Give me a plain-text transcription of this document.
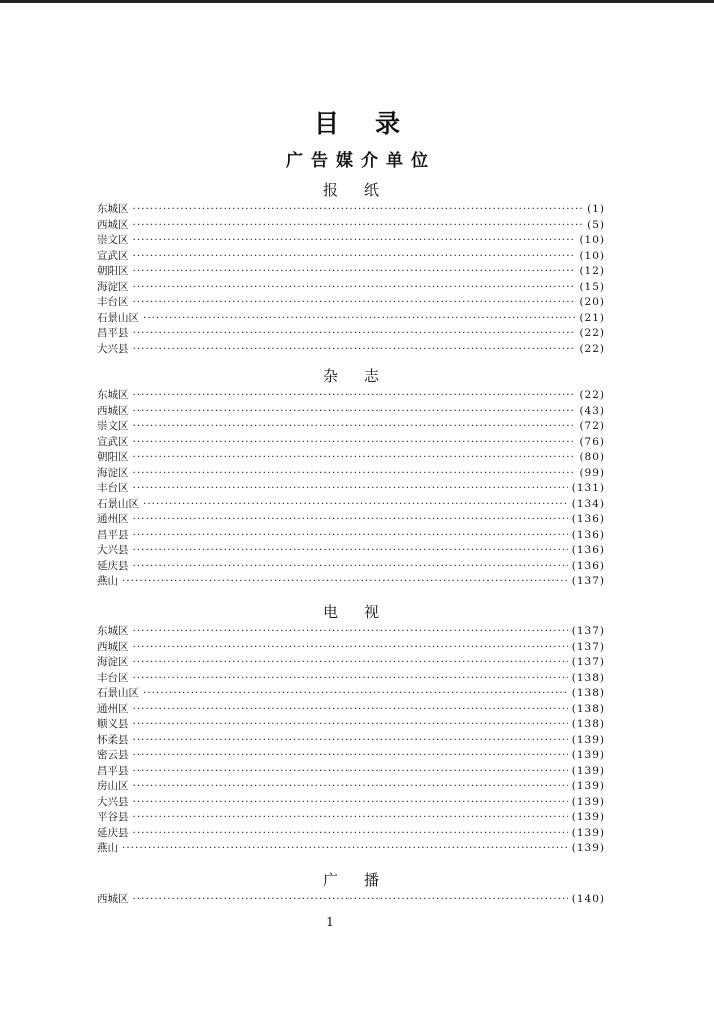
目录
广告媒介单位
报纸
东城区 ·····	(1)
西城区 ·····	(5)
崇文区 ·····	(10)
宣武区 ·····	(10)
朝阳区 ·····	(12)
海淀区 ·····	(15)
丰台区 ·····	(20)
石景山区 ·····	(21)
昌平县 ·····	(22)
大兴县 ·····	(22)
杂志
东城区 ·····	(22)
西城区 ·····	(43)
崇文区 ·····	(72)
宣武区 ·····	(76)
朝阳区 ·····	(80)
海淀区 ·····	(99)
丰台区 ·····	(131)
石景山区 ·····	(134)
通州区 ·····	(136)
昌平县 ·····	(136)
大兴县 ·····	(136)
延庆县 ·····	(136)
燕山 ·····	(137)
电视
东城区 ·····	(137)
西城区 ·····	(137)
海淀区 ·····	(137)
丰台区 ·····	(138)
石景山区 ·····	(138)
通州区 ·····	(138)
顺义县 ·····	(138)
怀柔县 ·····	(139)
密云县 ·····	(139)
昌平县 ·····	(139)
房山区 ·····	(139)
大兴县 ·····	(139)
平谷县 ·····	(139)
延庆县 ·····	(139)
燕山 ·····	(139)
广播
西城区 ·····	(140)
1
